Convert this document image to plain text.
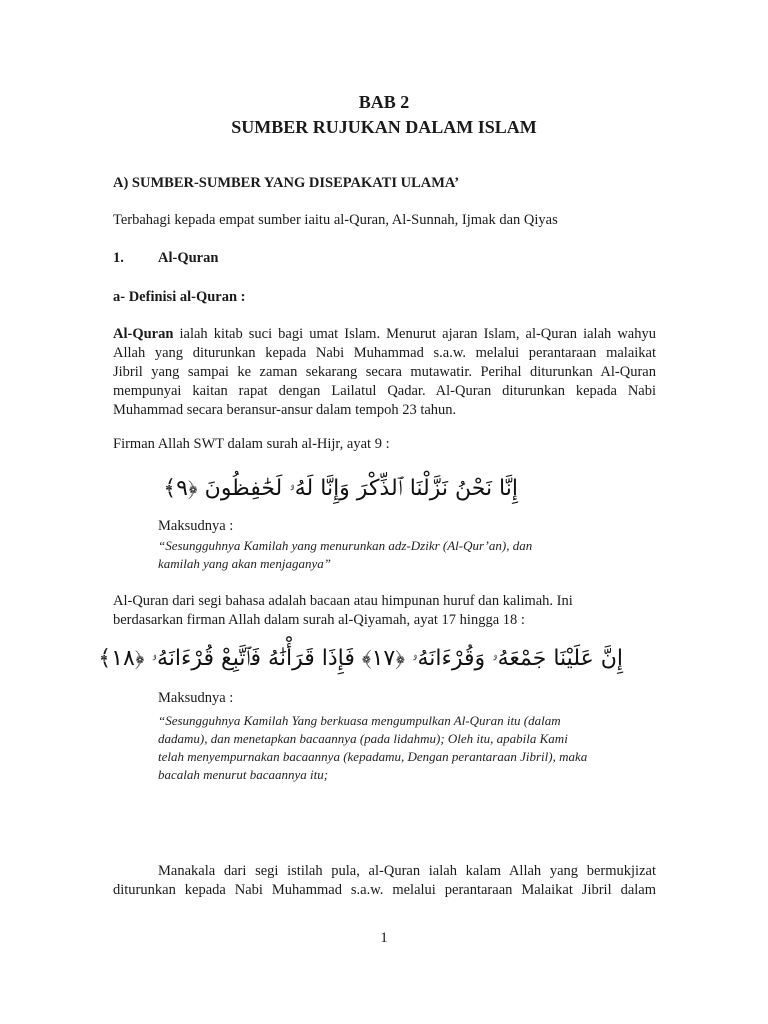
BAB 2
SUMBER RUJUKAN DALAM ISLAM
A) SUMBER-SUMBER YANG DISEPAKATI ULAMA’
Terbahagi kepada empat sumber iaitu al-Quran, Al-Sunnah, Ijmak dan Qiyas
1. Al-Quran
a- Definisi al-Quran :
Al-Quran ialah kitab suci bagi umat Islam. Menurut ajaran Islam, al-Quran ialah wahyu
Allah yang diturunkan kepada Nabi Muhammad s.a.w. melalui perantaraan malaikat
Jibril yang sampai ke zaman sekarang secara mutawatir. Perihal diturunkan Al-Quran
mempunyai kaitan rapat dengan Lailatul Qadar. Al-Quran diturunkan kepada Nabi
Muhammad secara beransur-ansur dalam tempoh 23 tahun.
Firman Allah SWT dalam surah al-Hijr, ayat 9 :
إِنَّا نَحْنُ نَزَّلْنَا ٱلذِّكْرَ وَإِنَّا لَهُۥ لَحَٰفِظُونَ ﴿٩﴾
Maksudnya :
“Sesungguhnya Kamilah yang menurunkan adz-Dzikr (Al-Qur’an), dan
kamilah yang akan menjaganya”
Al-Quran dari segi bahasa adalah bacaan atau himpunan huruf dan kalimah. Ini
berdasarkan firman Allah dalam surah al-Qiyamah, ayat 17 hingga 18 :
إِنَّ عَلَيْنَا جَمْعَهُۥ وَقُرْءَانَهُۥ ﴿١٧﴾ فَإِذَا قَرَأْنَٰهُ فَٱتَّبِعْ قُرْءَانَهُۥ ﴿١٨﴾
Maksudnya :
“Sesungguhnya Kamilah Yang berkuasa mengumpulkan Al-Quran itu (dalam
dadamu), dan menetapkan bacaannya (pada lidahmu); Oleh itu, apabila Kami
telah menyempurnakan bacaannya (kepadamu, Dengan perantaraan Jibril), maka
bacalah menurut bacaannya itu;
Manakala dari segi istilah pula, al-Quran ialah kalam Allah yang bermukjizat
diturunkan kepada Nabi Muhammad s.a.w. melalui perantaraan Malaikat Jibril dalam
1
